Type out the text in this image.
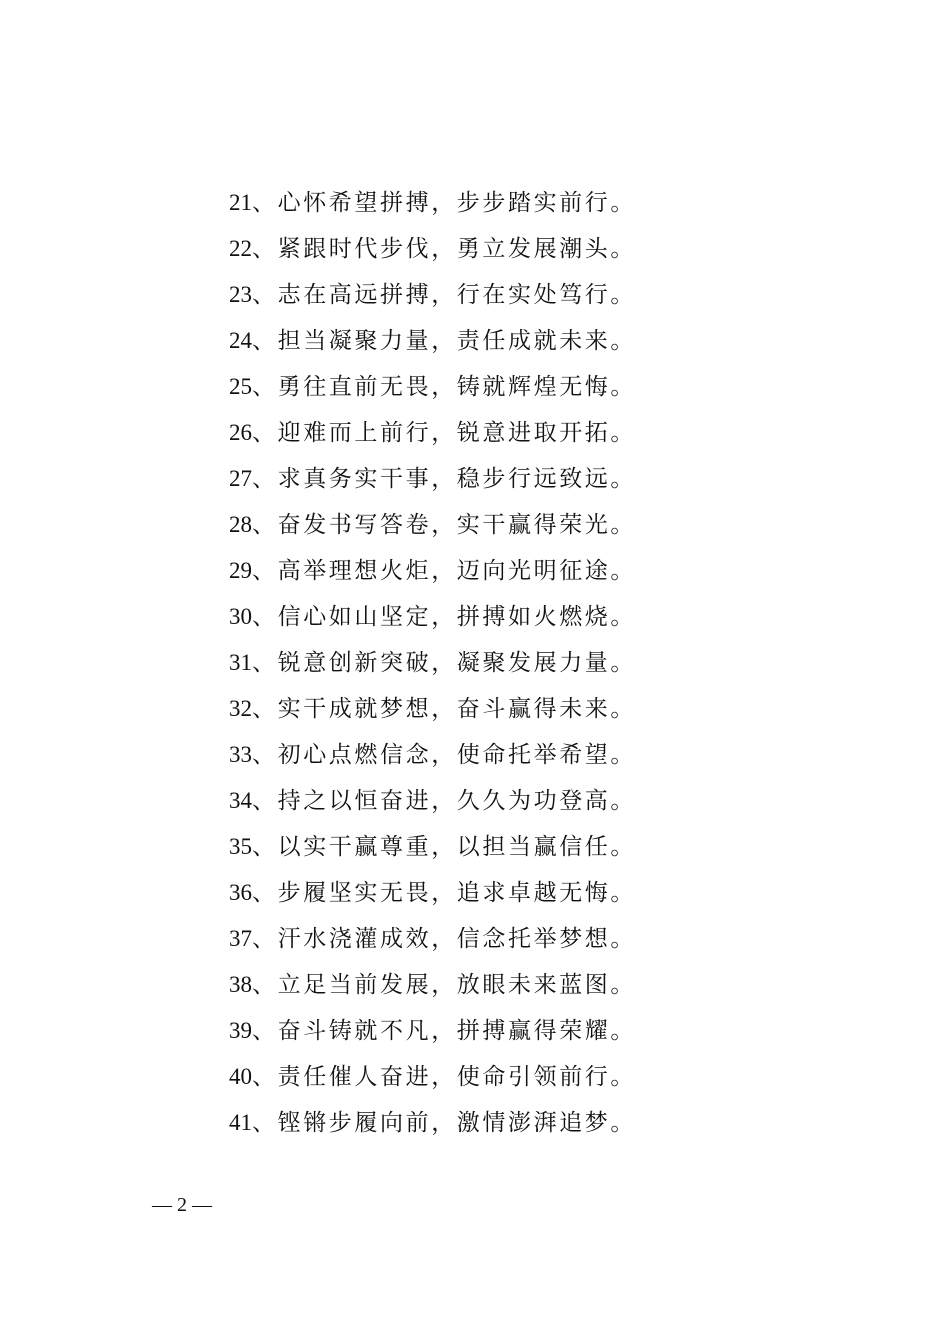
21、心怀希望拼搏，步步踏实前行。
22、紧跟时代步伐，勇立发展潮头。
23、志在高远拼搏，行在实处笃行。
24、担当凝聚力量，责任成就未来。
25、勇往直前无畏，铸就辉煌无悔。
26、迎难而上前行，锐意进取开拓。
27、求真务实干事，稳步行远致远。
28、奋发书写答卷，实干赢得荣光。
29、高举理想火炬，迈向光明征途。
30、信心如山坚定，拼搏如火燃烧。
31、锐意创新突破，凝聚发展力量。
32、实干成就梦想，奋斗赢得未来。
33、初心点燃信念，使命托举希望。
34、持之以恒奋进，久久为功登高。
35、以实干赢尊重，以担当赢信任。
36、步履坚实无畏，追求卓越无悔。
37、汗水浇灌成效，信念托举梦想。
38、立足当前发展，放眼未来蓝图。
39、奋斗铸就不凡，拼搏赢得荣耀。
40、责任催人奋进，使命引领前行。
41、铿锵步履向前，激情澎湃追梦。
— 2 —
